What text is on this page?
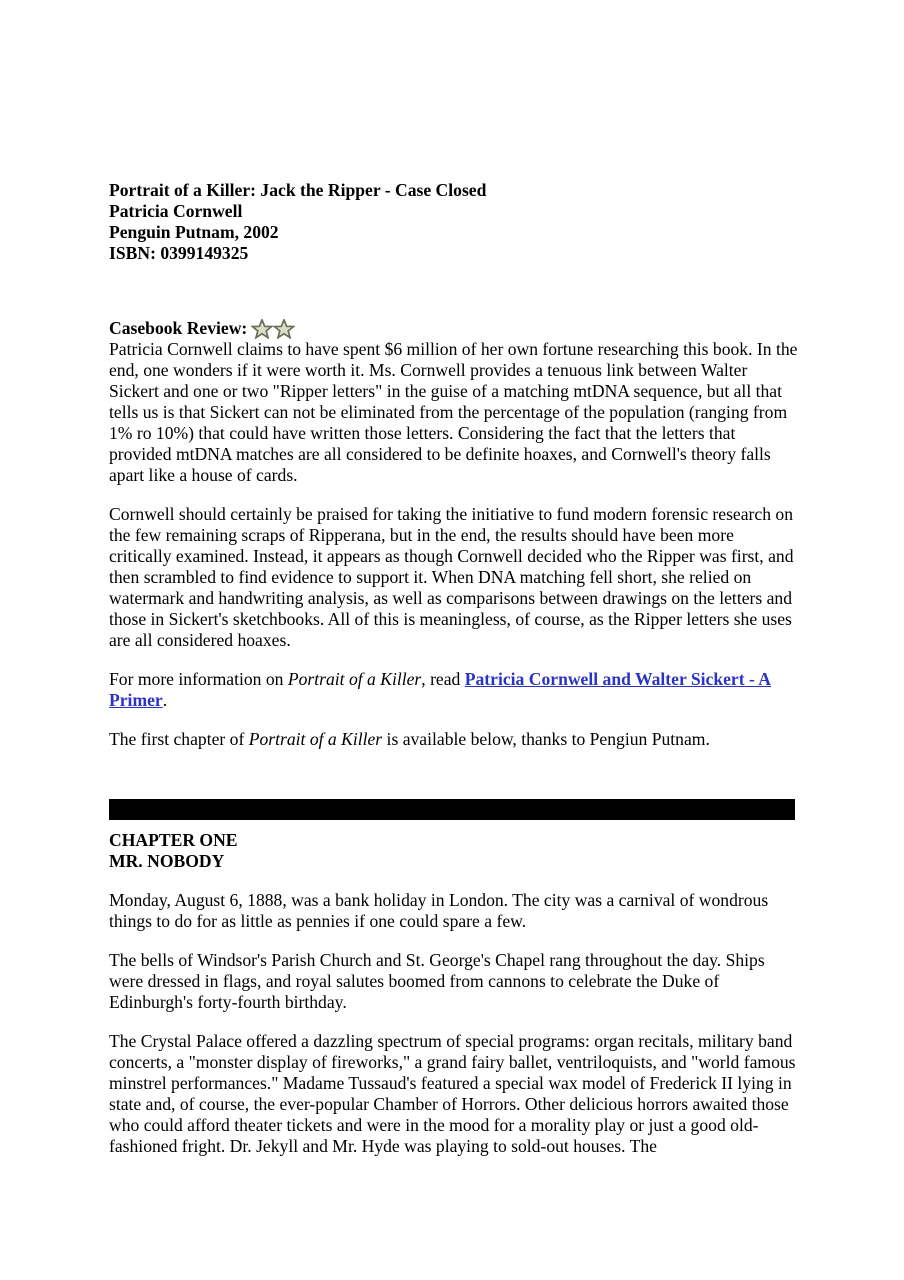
Portrait of a Killer: Jack the Ripper - Case Closed
Patricia Cornwell
Penguin Putnam, 2002
ISBN: 0399149325
Casebook Review:

Patricia Cornwell claims to have spent $6 million of her own fortune researching this book. In the end, one wonders if it were worth it. Ms. Cornwell provides a tenuous link between Walter Sickert and one or two "Ripper letters" in the guise of a matching mtDNA sequence, but all that tells us is that Sickert can not be eliminated from the percentage of the population (ranging from 1% ro 10%) that could have written those letters. Considering the fact that the letters that provided mtDNA matches are all considered to be definite hoaxes, and Cornwell's theory falls apart like a house of cards.

Cornwell should certainly be praised for taking the initiative to fund modern forensic research on the few remaining scraps of Ripperana, but in the end, the results should have been more critically examined. Instead, it appears as though Cornwell decided who the Ripper was first, and then scrambled to find evidence to support it. When DNA matching fell short, she relied on watermark and handwriting analysis, as well as comparisons between drawings on the letters and those in Sickert's sketchbooks. All of this is meaningless, of course, as the Ripper letters she uses are all considered hoaxes.

For more information on Portrait of a Killer, read Patricia Cornwell and Walter Sickert - A Primer.

The first chapter of Portrait of a Killer is available below, thanks to Pengiun Putnam.

CHAPTER ONE
MR. NOBODY

Monday, August 6, 1888, was a bank holiday in London. The city was a carnival of wondrous things to do for as little as pennies if one could spare a few.

The bells of Windsor's Parish Church and St. George's Chapel rang throughout the day. Ships were dressed in flags, and royal salutes boomed from cannons to celebrate the Duke of Edinburgh's forty-fourth birthday.

The Crystal Palace offered a dazzling spectrum of special programs: organ recitals, military band concerts, a "monster display of fireworks," a grand fairy ballet, ventriloquists, and "world famous minstrel performances." Madame Tussaud's featured a special wax model of Frederick II lying in state and, of course, the ever-popular Chamber of Horrors. Other delicious horrors awaited those who could afford theater tickets and were in the mood for a morality play or just a good old-fashioned fright. Dr. Jekyll and Mr. Hyde was playing to sold-out houses. The
